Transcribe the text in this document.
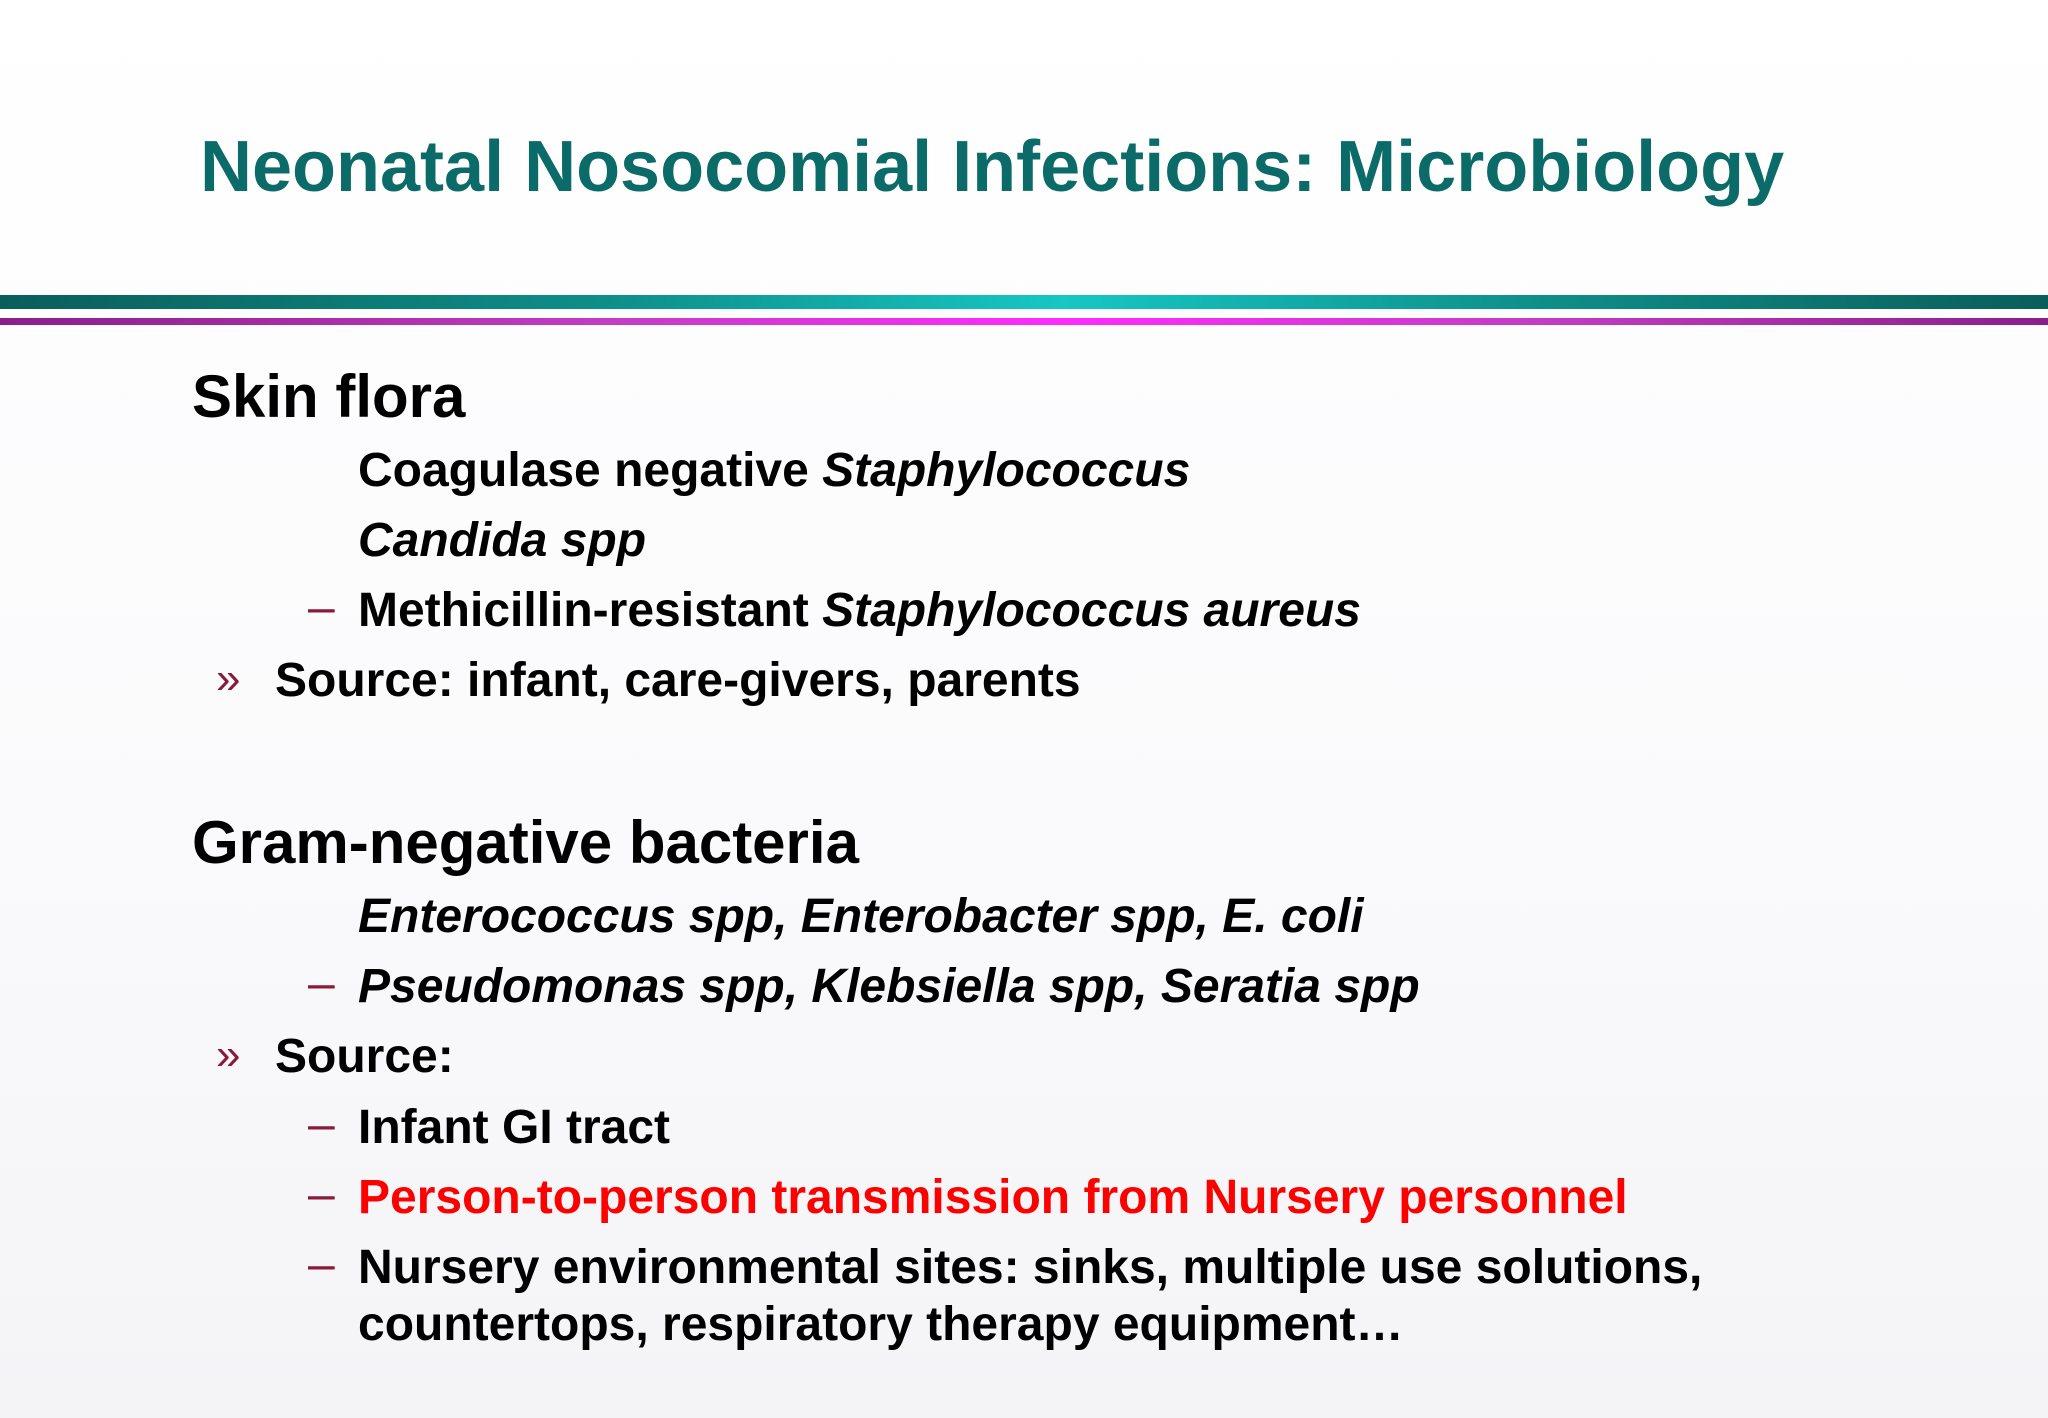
Neonatal Nosocomial Infections: Microbiology
Skin flora
Coagulase negative Staphylococcus
Candida spp
– Methicillin-resistant Staphylococcus aureus
» Source: infant, care-givers, parents
Gram-negative bacteria
Enterococcus spp, Enterobacter spp, E. coli
– Pseudomonas spp, Klebsiella spp, Seratia spp
» Source:
– Infant GI tract
– Person-to-person transmission from Nursery personnel
– Nursery environmental sites: sinks, multiple use solutions,
countertops, respiratory therapy equipment…
